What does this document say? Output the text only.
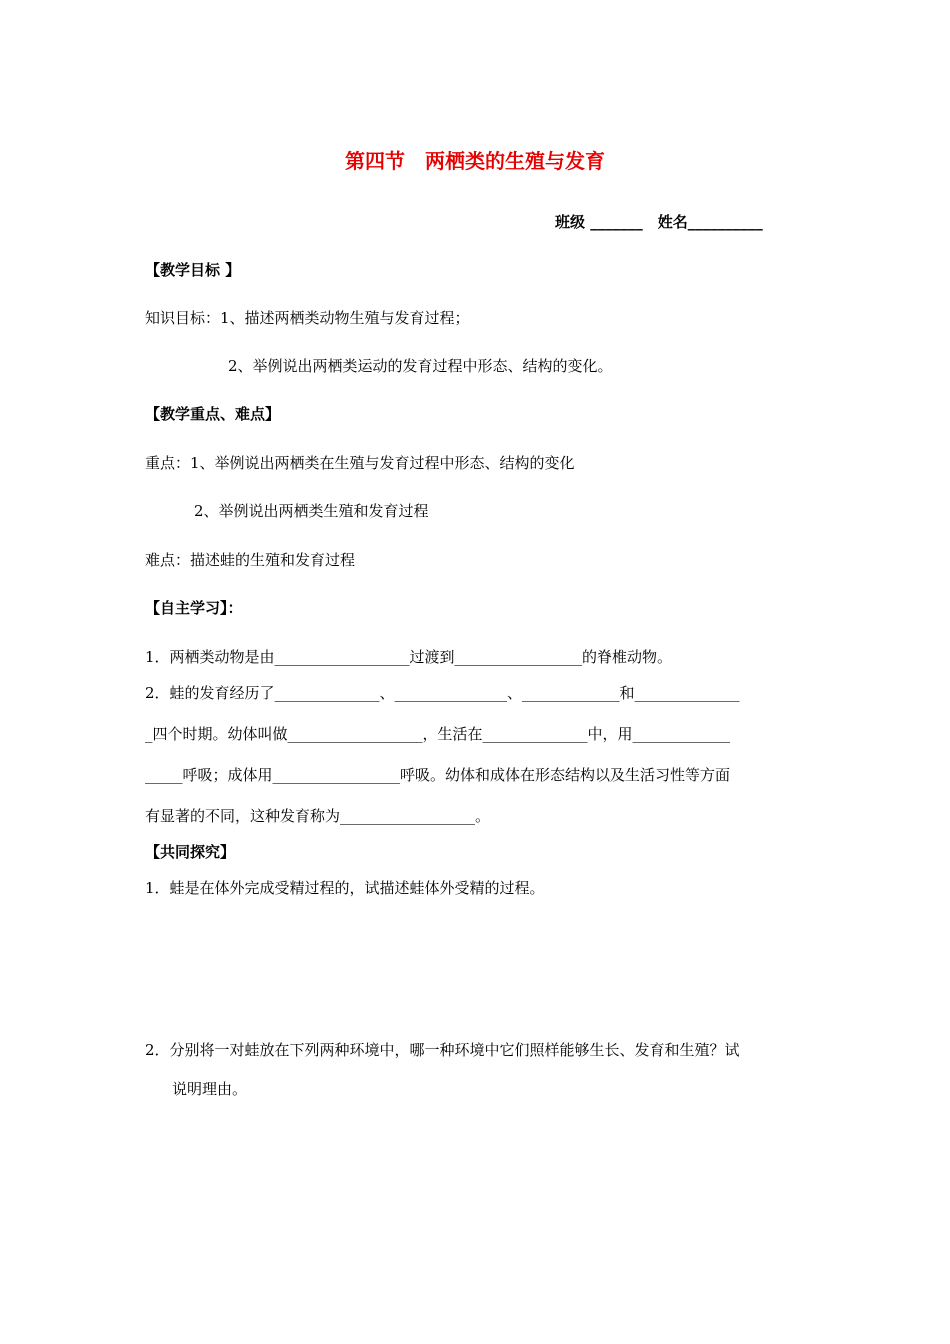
第四节　两栖类的生殖与发育
班级 _______　姓名__________
【教学目标 】
知识目标：1、描述两栖类动物生殖与发育过程；
2、举例说出两栖类运动的发育过程中形态、结构的变化。
【教学重点、难点】
重点：1、举例说出两栖类在生殖与发育过程中形态、结构的变化
2、举例说出两栖类生殖和发育过程
难点：描述蛙的生殖和发育过程
【自主学习】：
1．两栖类动物是由__________________过渡到_________________的脊椎动物。
2．蛙的发育经历了______________、_______________、_____________和______________
_四个时期。幼体叫做__________________，生活在______________中，用_____________
_____呼吸；成体用_________________呼吸。幼体和成体在形态结构以及生活习性等方面
有显著的不同，这种发育称为__________________。
【共同探究】
1．蛙是在体外完成受精过程的，试描述蛙体外受精的过程。
2．分别将一对蛙放在下列两种环境中，哪一种环境中它们照样能够生长、发育和生殖？试
说明理由。
